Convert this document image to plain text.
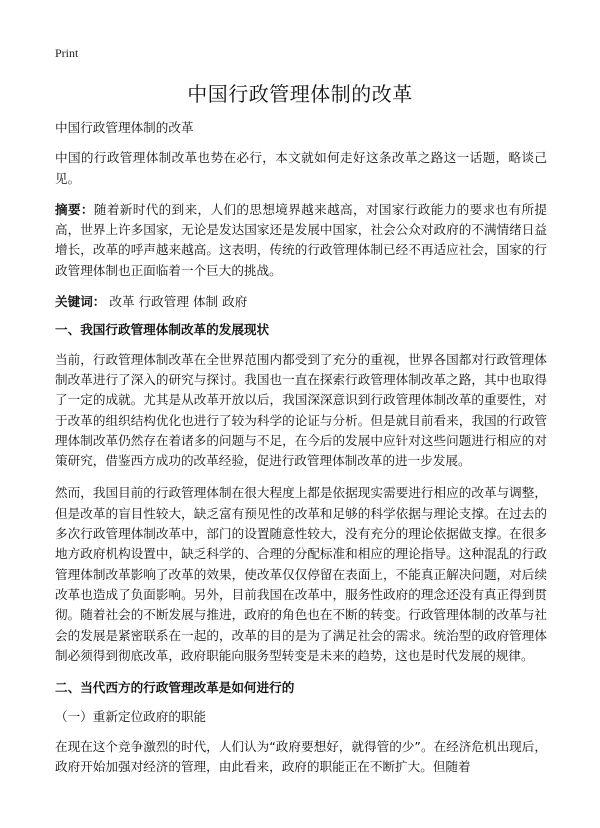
Print
中国行政管理体制的改革

中国行政管理体制的改革

中国的行政管理体制改革也势在必行，本文就如何走好这条改革之路这一话题，略谈己见。

摘要：随着新时代的到来，人们的思想境界越来越高，对国家行政能力的要求也有所提高，世界上许多国家，无论是发达国家还是发展中国家，社会公众对政府的不满情绪日益增长，改革的呼声越来越高。这表明，传统的行政管理体制已经不再适应社会，国家的行政管理体制也正面临着一个巨大的挑战。

关键词： 改革 行政管理 体制 政府

一、我国行政管理体制改革的发展现状

当前，行政管理体制改革在全世界范围内都受到了充分的重视，世界各国都对行政管理体制改革进行了深入的研究与探讨。我国也一直在探索行政管理体制改革之路，其中也取得了一定的成就。尤其是从改革开放以后，我国深深意识到行政管理体制改革的重要性，对于改革的组织结构优化也进行了较为科学的论证与分析。但是就目前看来，我国的行政管理体制改革仍然存在着诸多的问题与不足，在今后的发展中应针对这些问题进行相应的对策研究，借鉴西方成功的改革经验，促进行政管理体制改革的进一步发展。

然而，我国目前的行政管理体制在很大程度上都是依据现实需要进行相应的改革与调整，但是改革的盲目性较大，缺乏富有预见性的改革和足够的科学依据与理论支撑。在过去的多次行政管理体制改革中，部门的设置随意性较大，没有充分的理论依据做支撑。在很多地方政府机构设置中，缺乏科学的、合理的分配标准和相应的理论指导。这种混乱的行政管理体制改革影响了改革的效果，使改革仅仅停留在表面上，不能真正解决问题，对后续改革也造成了负面影响。另外，目前我国在改革中，服务性政府的理念还没有真正得到贯彻。随着社会的不断发展与推进，政府的角色也在不断的转变。行政管理体制的改革与社会的发展是紧密联系在一起的，改革的目的是为了满足社会的需求。统治型的政府管理体制必须得到彻底改革，政府职能向服务型转变是未来的趋势，这也是时代发展的规律。

二、当代西方的行政管理改革是如何进行的

（一）重新定位政府的职能

在现在这个竞争激烈的时代，人们认为“政府要想好，就得管的少”。在经济危机出现后，政府开始加强对经济的管理，由此看来，政府的职能正在不断扩大。但随着
